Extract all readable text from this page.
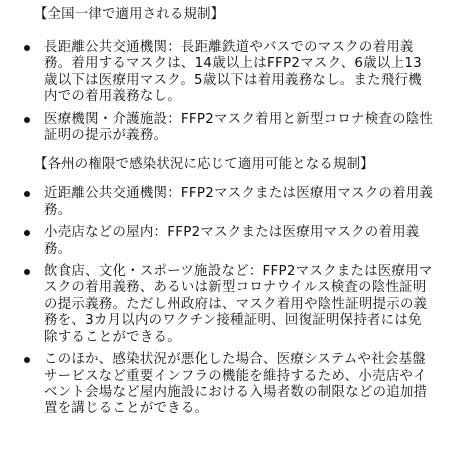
【全国一律で適用される規制】

長距離公共交通機関：長距離鉄道やバスでのマスクの着用義務。着用するマスクは、14歳以上はFFP2マスク、6歳以上13歳以下は医療用マスク。5歳以下は着用義務なし。また飛行機内での着用義務なし。
医療機関・介護施設：FFP2マスク着用と新型コロナ検査の陰性証明の提示が義務。

【各州の権限で感染状況に応じて適用可能となる規制】

近距離公共交通機関：FFP2マスクまたは医療用マスクの着用義務。
小売店などの屋内：FFP2マスクまたは医療用マスクの着用義務。
飲食店、文化・スポーツ施設など：FFP2マスクまたは医療用マスクの着用義務、あるいは新型コロナウイルス検査の陰性証明の提示義務。ただし州政府は、マスク着用や陰性証明提示の義務を、3カ月以内のワクチン接種証明、回復証明保持者には免除することができる。
このほか、感染状況が悪化した場合、医療システムや社会基盤サービスなど重要インフラの機能を維持するため、小売店やイベント会場など屋内施設における入場者数の制限などの追加措置を講じることができる。
